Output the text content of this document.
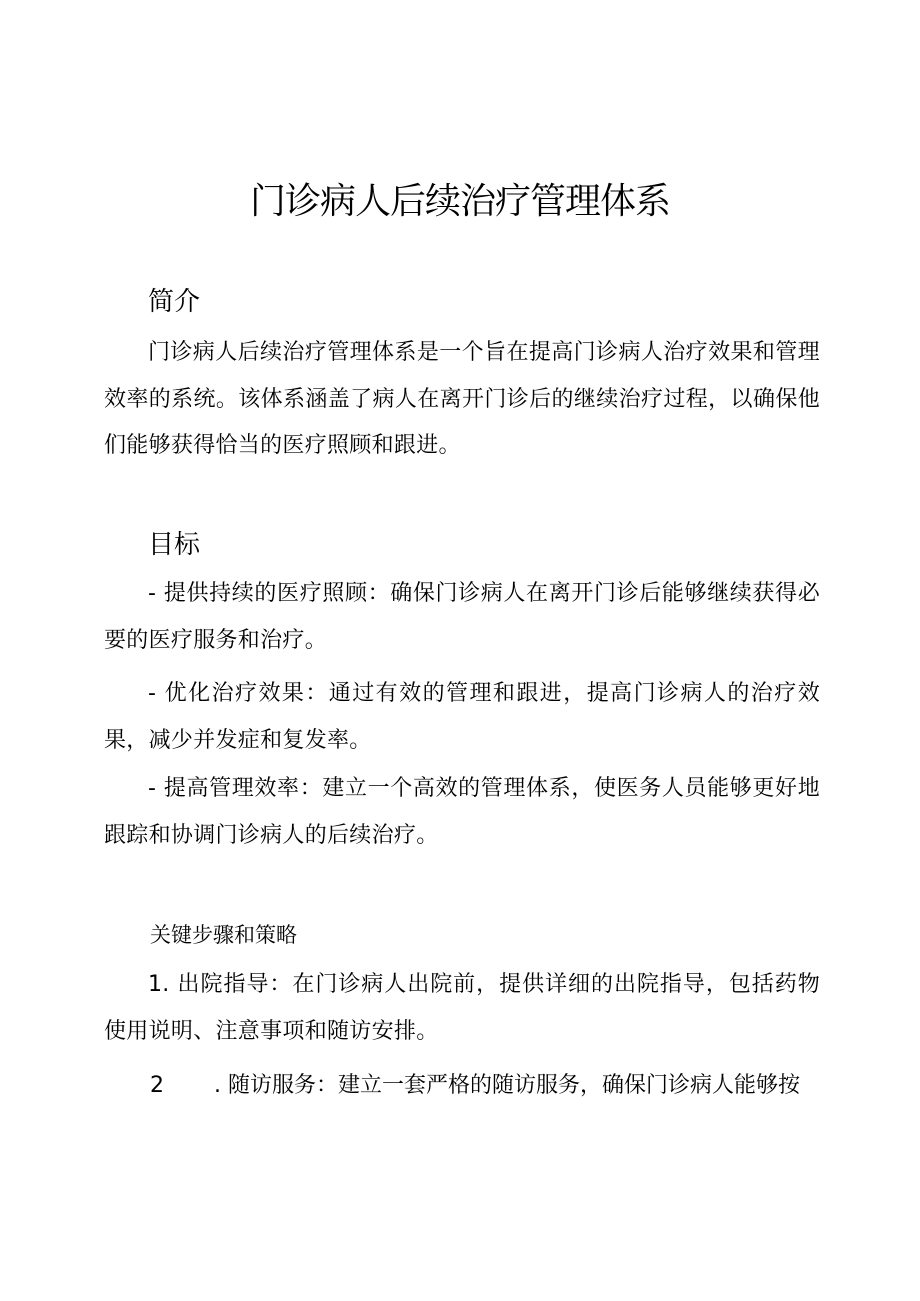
门诊病人后续治疗管理体系
简介

门诊病人后续治疗管理体系是一个旨在提高门诊病人治疗效果和管理效率的系统。该体系涵盖了病人在离开门诊后的继续治疗过程，以确保他们能够获得恰当的医疗照顾和跟进。

目标

- 提供持续的医疗照顾：确保门诊病人在离开门诊后能够继续获得必要的医疗服务和治疗。

- 优化治疗效果：通过有效的管理和跟进，提高门诊病人的治疗效果，减少并发症和复发率。

- 提高管理效率：建立一个高效的管理体系，使医务人员能够更好地跟踪和协调门诊病人的后续治疗。

关键步骤和策略

1. 出院指导：在门诊病人出院前，提供详细的出院指导，包括药物使用说明、注意事项和随访安排。

2 . 随访服务：建立一套严格的随访服务，确保门诊病人能够按
